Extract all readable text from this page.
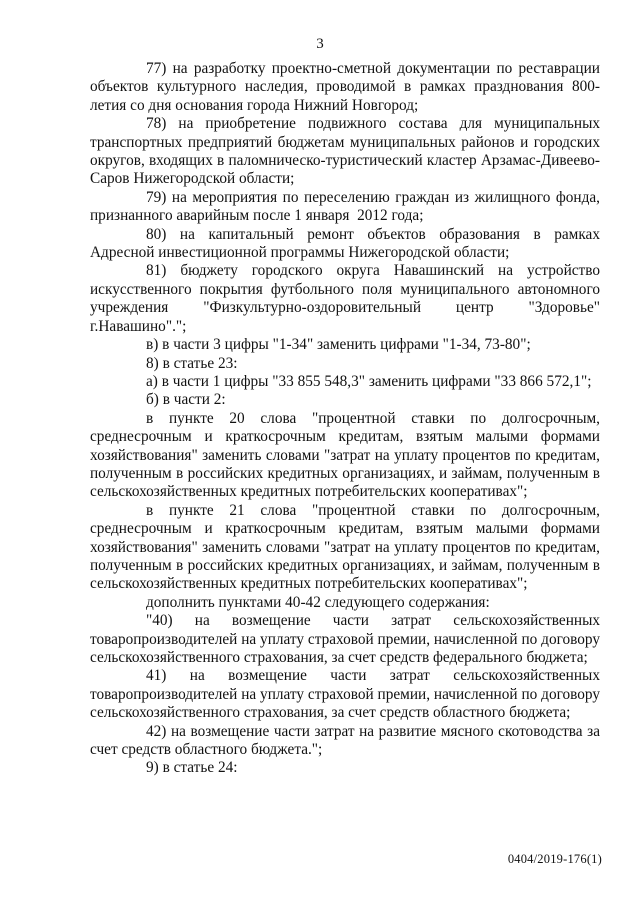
3

77) на разработку проектно-сметной документации по реставрации объектов культурного наследия, проводимой в рамках празднования 800-летия со дня основания города Нижний Новгород;

78) на приобретение подвижного состава для муниципальных транспортных предприятий бюджетам муниципальных районов и городских округов, входящих в паломническо-туристический кластер Арзамас-Дивеево-Саров Нижегородской области;

79) на мероприятия по переселению граждан из жилищного фонда, признанного аварийным после 1 января  2012 года;

80) на капитальный ремонт объектов образования в рамках Адресной инвестиционной программы Нижегородской области;

81) бюджету городского округа Навашинский на устройство искусственного покрытия футбольного поля муниципального автономного учреждения "Физкультурно-оздоровительный центр "Здоровье" г.Навашино".";

в) в части 3 цифры "1-34" заменить цифрами "1-34, 73-80";

8) в статье 23:

а) в части 1 цифры "33 855 548,3" заменить цифрами "33 866 572,1";

б) в части 2:

в пункте 20 слова "процентной ставки по долгосрочным, среднесрочным и краткосрочным кредитам, взятым малыми формами хозяйствования" заменить словами "затрат на уплату процентов по кредитам, полученным в российских кредитных организациях, и займам, полученным в сельскохозяйственных кредитных потребительских кооперативах";

в пункте 21 слова "процентной ставки по долгосрочным, среднесрочным и краткосрочным кредитам, взятым малыми формами хозяйствования" заменить словами "затрат на уплату процентов по кредитам, полученным в российских кредитных организациях, и займам, полученным в сельскохозяйственных кредитных потребительских кооперативах";

дополнить пунктами 40-42 следующего содержания:

"40) на возмещение части затрат сельскохозяйственных товаропроизводителей на уплату страховой премии, начисленной по договору сельскохозяйственного страхования, за счет средств федерального бюджета;

41) на возмещение части затрат сельскохозяйственных товаропроизводителей на уплату страховой премии, начисленной по договору сельскохозяйственного страхования, за счет средств областного бюджета;

42) на возмещение части затрат на развитие мясного скотоводства за счет средств областного бюджета.";

9) в статье 24:

0404/2019-176(1)
